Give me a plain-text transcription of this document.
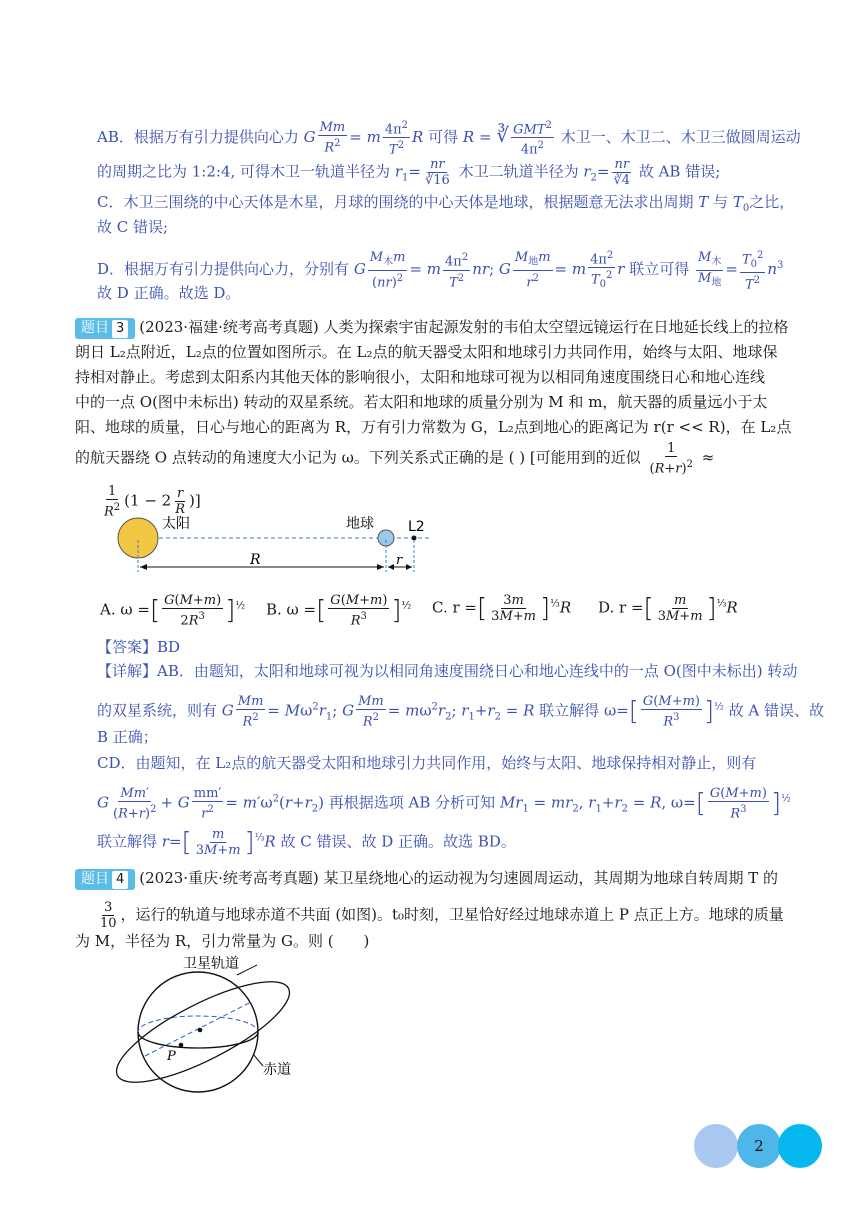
AB．根据万有引力提供向心力 G $\frac{Mm}{R^2} = m \frac{4\pi^2}{T^2}$ R 可得 R = ∛ $\frac{GMT^2}{4\pi^2}$ 木卫一、木卫二、木卫三做圆周运动
的周期之比为 1:2:4, 可得木卫一轨道半径为 $r_1= \frac{nr}{∛16}$ 木卫二轨道半径为 $r_2= \frac{nr}{∛4}$ 故 AB 错误;
C．木卫三围绕的中心天体是木星，月球的围绕的中心天体是地球，根据题意无法求出周期 T 与 $T_0$之比，
故 C 错误;
D．根据万有引力提供向心力，分别有 G $\frac{M_木m}{(nr)^2} = m \frac{4\pi^2}{T^2}$ nr; G $\frac{M_地m}{r^2} = m \frac{4\pi^2}{T_0^2}$ r 联立可得 $\frac{M_木}{M_地} = \frac{T_0^2}{T^2} n^3$
故 D 正确。故选 D。
题目 3 (2023·福建·统考高考真题) 人类为探索宇宙起源发射的韦伯太空望远镜运行在日地延长线上的拉格
朗日 L₂点附近，L₂点的位置如图所示。在 L₂点的航天器受太阳和地球引力共同作用，始终与太阳、地球保
持相对静止。考虑到太阳系内其他天体的影响很小，太阳和地球可视为以相同角速度围绕日心和地心连线
中的一点 O(图中未标出) 转动的双星系统。若太阳和地球的质量分别为 M 和 m，航天器的质量远小于太
阳、地球的质量，日心与地心的距离为 R，万有引力常数为 G，L₂点到地心的距离记为 r(r << R)，在 L₂点
的航天器绕 O 点转动的角速度大小记为 ω。下列关系式正确的是 ( ) [可能用到的近似 $\frac{1}{(R+r)^2}$ ≈
$\frac{1}{R^2} (1 - 2 \frac{r}{R}$ )]
太阳	地球 L2
R	r
A. ω =[ $\frac{G(M+m)}{2R^3} ]^{\frac{1}{2}}$ B. ω =[ $\frac{G(M+m)}{R^3} ]^{\frac{1}{2}}$ C. r =[ $\frac{3m}{3M+m} ]^{\frac{1}{3}}R$ D. r =[ $\frac{m}{3M+m} ]^{\frac{1}{3}}R$
【答案】BD
【详解】AB．由题知，太阳和地球可视为以相同角速度围绕日心和地心连线中的一点 O(图中未标出) 转动
的双星系统，则有 G $\frac{Mm}{R^2} = M\omega^2r_1$; G $\frac{Mm}{R^2} = m\omega^2r_2$; $r_1+r_2 = R$ 联立解得 $\omega=[ \frac{G(M+m)}{R^3} ]^{\frac{1}{2}}$ 故 A 错误、故
B 正确；
CD．由题知，在 L₂点的航天器受太阳和地球引力共同作用，始终与太阳、地球保持相对静止，则有
G $\frac{Mm'}{(R+r)^2} + G \frac{mm'}{r^2} = m'\omega^2(r+r_2)$ 再根据选项 AB 分析可知 $Mr_1 = mr_2$, $r_1+r_2 = R$, $\omega=[ \frac{G(M+m)}{R^3} ]^{\frac{1}{2}}$
联立解得 $r=[ \frac{m}{3M+m} ]^{\frac{1}{3}}R$ 故 C 错误、故 D 正确。故选 BD。
题目 4 (2023·重庆·统考高考真题) 某卫星绕地心的运动视为匀速圆周运动，其周期为地球自转周期 T 的
$\frac{3}{10}$ ，运行的轨道与地球赤道不共面 (如图)。t₀时刻，卫星恰好经过地球赤道上 P 点正上方。地球的质量
为 M，半径为 R，引力常量为 G。则 (　　)
卫星轨道
赤道
P
2
